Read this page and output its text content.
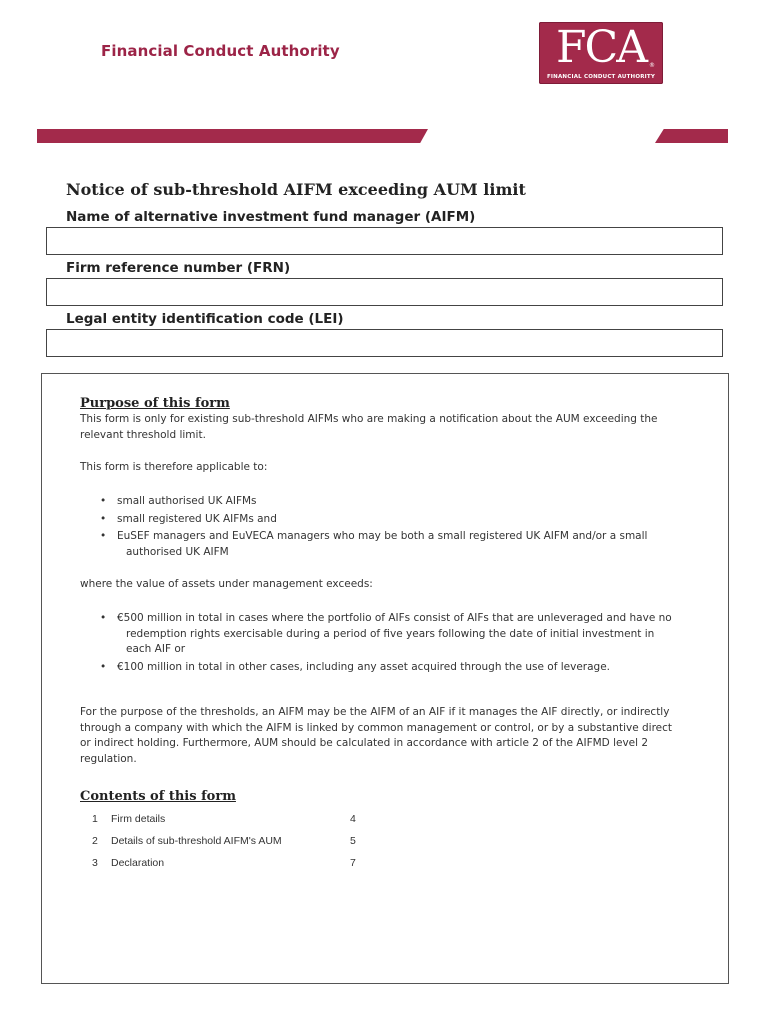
Financial Conduct Authority	FCA ®
FINANCIAL CONDUCT AUTHORITY
Notice of sub-threshold AIFM exceeding AUM limit
Name of alternative investment fund manager (AIFM)
Firm reference number (FRN)
Legal entity identification code (LEI)
Purpose of this form

This form is only for existing sub-threshold AIFMs who are making a notification about the AUM exceeding the relevant threshold limit.

This form is therefore applicable to:

• small authorised UK AIFMs
• small registered UK AIFMs and
• EuSEF managers and EuVECA managers who may be both a small registered UK AIFM and/or a small authorised UK AIFM

where the value of assets under management exceeds:

• €500 million in total in cases where the portfolio of AIFs consist of AIFs that are unleveraged and have no redemption rights exercisable during a period of five years following the date of initial investment in each AIF or
• €100 million in total in other cases, including any asset acquired through the use of leverage.

For the purpose of the thresholds, an AIFM may be the AIFM of an AIF if it manages the AIF directly, or indirectly through a company with which the AIFM is linked by common management or control, or by a substantive direct or indirect holding. Furthermore, AUM should be calculated in accordance with article 2 of the AIFMD level 2 regulation.

Contents of this form
1 Firm details	4
2 Details of sub-threshold AIFM's AUM	5
3 Declaration	7
